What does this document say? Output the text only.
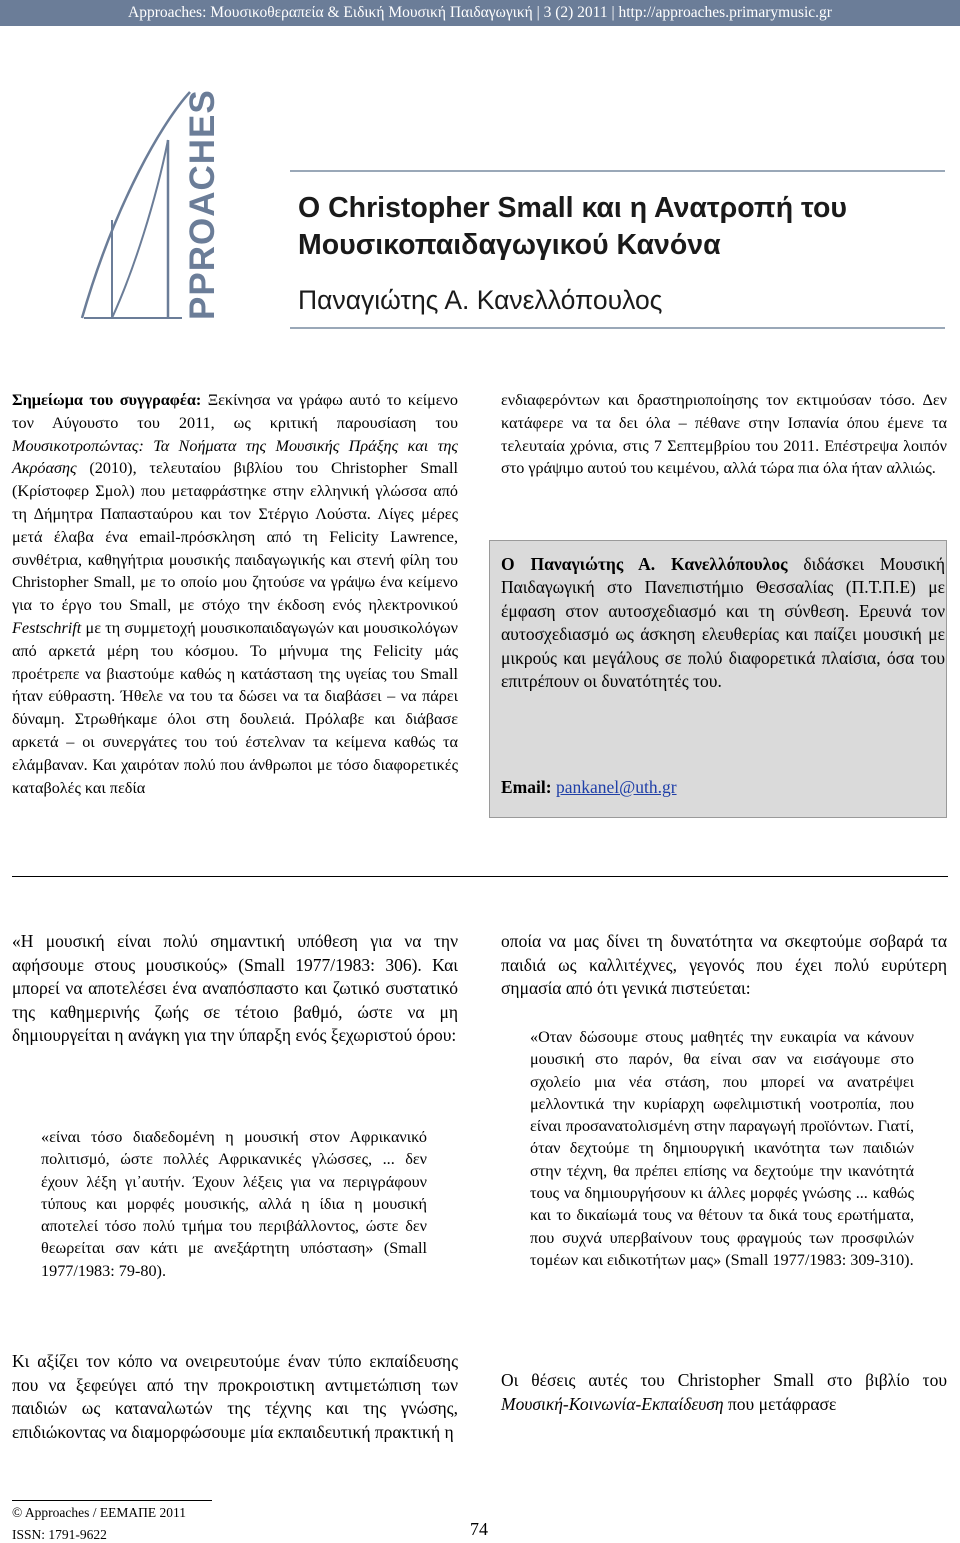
Approaches: Μουσικοθεραπεία & Ειδική Μουσική Παιδαγωγική | 3 (2) 2011 | http://approaches.primarymusic.gr
PPROACHES	Ο Christopher Small και η Ανατροπή του Μουσικοπαιδαγωγικού Κανόνα
Παναγιώτης Α. Κανελλόπουλος

Σημείωμα του συγγραφέα: Ξεκίνησα να γράφω αυτό το κείμενο τον Αύγουστο του 2011, ως κριτική παρουσίαση του Μουσικοτροπώντας: Τα Νοήματα της Μουσικής Πράξης και της Ακρόασης (2010), τελευταίου βιβλίου του Christopher Small (Κρίστοφερ Σμολ) που μεταφράστηκε στην ελληνική γλώσσα από τη Δήμητρα Παπασταύρου και τον Στέργιο Λούστα. Λίγες μέρες μετά έλαβα ένα email-πρόσκληση από τη Felicity Lawrence, συνθέτρια, καθηγήτρια μουσικής παιδαγωγικής και στενή φίλη του Christopher Small, με το οποίο μου ζητούσε να γράψω ένα κείμενο για το έργο του Small, με στόχο την έκδοση ενός ηλεκτρονικού Festschrift με τη συμμετοχή μουσικοπαιδαγωγών και μουσικολόγων από αρκετά μέρη του κόσμου. Το μήνυμα της Felicity μάς προέτρεπε να βιαστούμε καθώς η κατάσταση της υγείας του Small ήταν εύθραστη. Ήθελε να του τα δώσει να τα διαβάσει – να πάρει δύναμη. Στρωθήκαμε όλοι στη δουλειά. Πρόλαβε και διάβασε αρκετά – οι συνεργάτες του τού έστελναν τα κείμενα καθώς τα ελάμβαναν. Και χαιρόταν πολύ που άνθρωποι με τόσο διαφορετικές καταβολές και πεδία

ενδιαφερόντων και δραστηριοποίησης τον εκτιμούσαν τόσο. Δεν κατάφερε να τα δει όλα – πέθανε στην Ισπανία όπου έμενε τα τελευταία χρόνια, στις 7 Σεπτεμβρίου του 2011. Επέστρεψα λοιπόν στο γράψιμο αυτού του κειμένου, αλλά τώρα πια όλα ήταν αλλιώς.

Ο Παναγιώτης Α. Κανελλόπουλος διδάσκει Μουσική Παιδαγωγική στο Πανεπιστήμιο Θεσσαλίας (Π.Τ.Π.Ε) με έμφαση στον αυτοσχεδιασμό και τη σύνθεση. Ερευνά τον αυτοσχεδιασμό ως άσκηση ελευθερίας και παίζει μουσική με μικρούς και μεγάλους σε πολύ διαφορετικά πλαίσια, όσα του επιτρέπουν οι δυνατότητές του.

Email: pankanel@uth.gr

«Η μουσική είναι πολύ σημαντική υπόθεση για να την αφήσουμε στους μουσικούς» (Small 1977/1983: 306). Και μπορεί να αποτελέσει ένα αναπόσπαστο και ζωτικό συστατικό της καθημερινής ζωής σε τέτοιο βαθμό, ώστε να μη δημιουργείται η ανάγκη για την ύπαρξη ενός ξεχωριστού όρου:

«είναι τόσο διαδεδομένη η μουσική στον Αφρικανικό πολιτισμό, ώστε πολλές Αφρικανικές γλώσσες, ... δεν έχουν λέξη γι᾽αυτήν. Έχουν λέξεις για να περιγράφουν τύπους και μορφές μουσικής, αλλά η ίδια η μουσική αποτελεί τόσο πολύ τμήμα του περιβάλλοντος, ώστε δεν θεωρείται σαν κάτι με ανεξάρτητη υπόσταση» (Small 1977/1983: 79-80).

Κι αξίζει τον κόπο να ονειρευτούμε έναν τύπο εκπαίδευσης που να ξεφεύγει από την προκροιστικη αντιμετώπιση των παιδιών ως καταναλωτών της τέχνης και της γνώσης, επιδιώκοντας να διαμορφώσουμε μία εκπαιδευτική πρακτική η

οποία να μας δίνει τη δυνατότητα να σκεφτούμε σοβαρά τα παιδιά ως καλλιτέχνες, γεγονός που έχει πολύ ευρύτερη σημασία από ότι γενικά πιστεύεται:

«Οταν δώσουμε στους μαθητές την ευκαιρία να κάνουν μουσική στο παρόν, θα είναι σαν να εισάγουμε στο σχολείο μια νέα στάση, που μπορεί να ανατρέψει μελλοντικά την κυρίαρχη ωφελιμιστική νοοτροπία, που είναι προσανατολισμένη στην παραγωγή προϊόντων. Γιατί, όταν δεχτούμε τη δημιουργική ικανότητα των παιδιών στην τέχνη, θα πρέπει επίσης να δεχτούμε την ικανότητά τους να δημιουργήσουν κι άλλες μορφές γνώσης ... καθώς και το δικαίωμά τους να θέτουν τα δικά τους ερωτήματα, που συχνά υπερβαίνουν τους φραγμούς των προσφιλών τομέων και ειδικοτήτων μας» (Small 1977/1983: 309-310).

Οι θέσεις αυτές του Christopher Small στο βιβλίο του Μουσική-Κοινωνία-Εκπαίδευση που μετάφρασε

© Approaches / ΕΕΜΑΠΕ 2011
ISSN: 1791-9622	74
